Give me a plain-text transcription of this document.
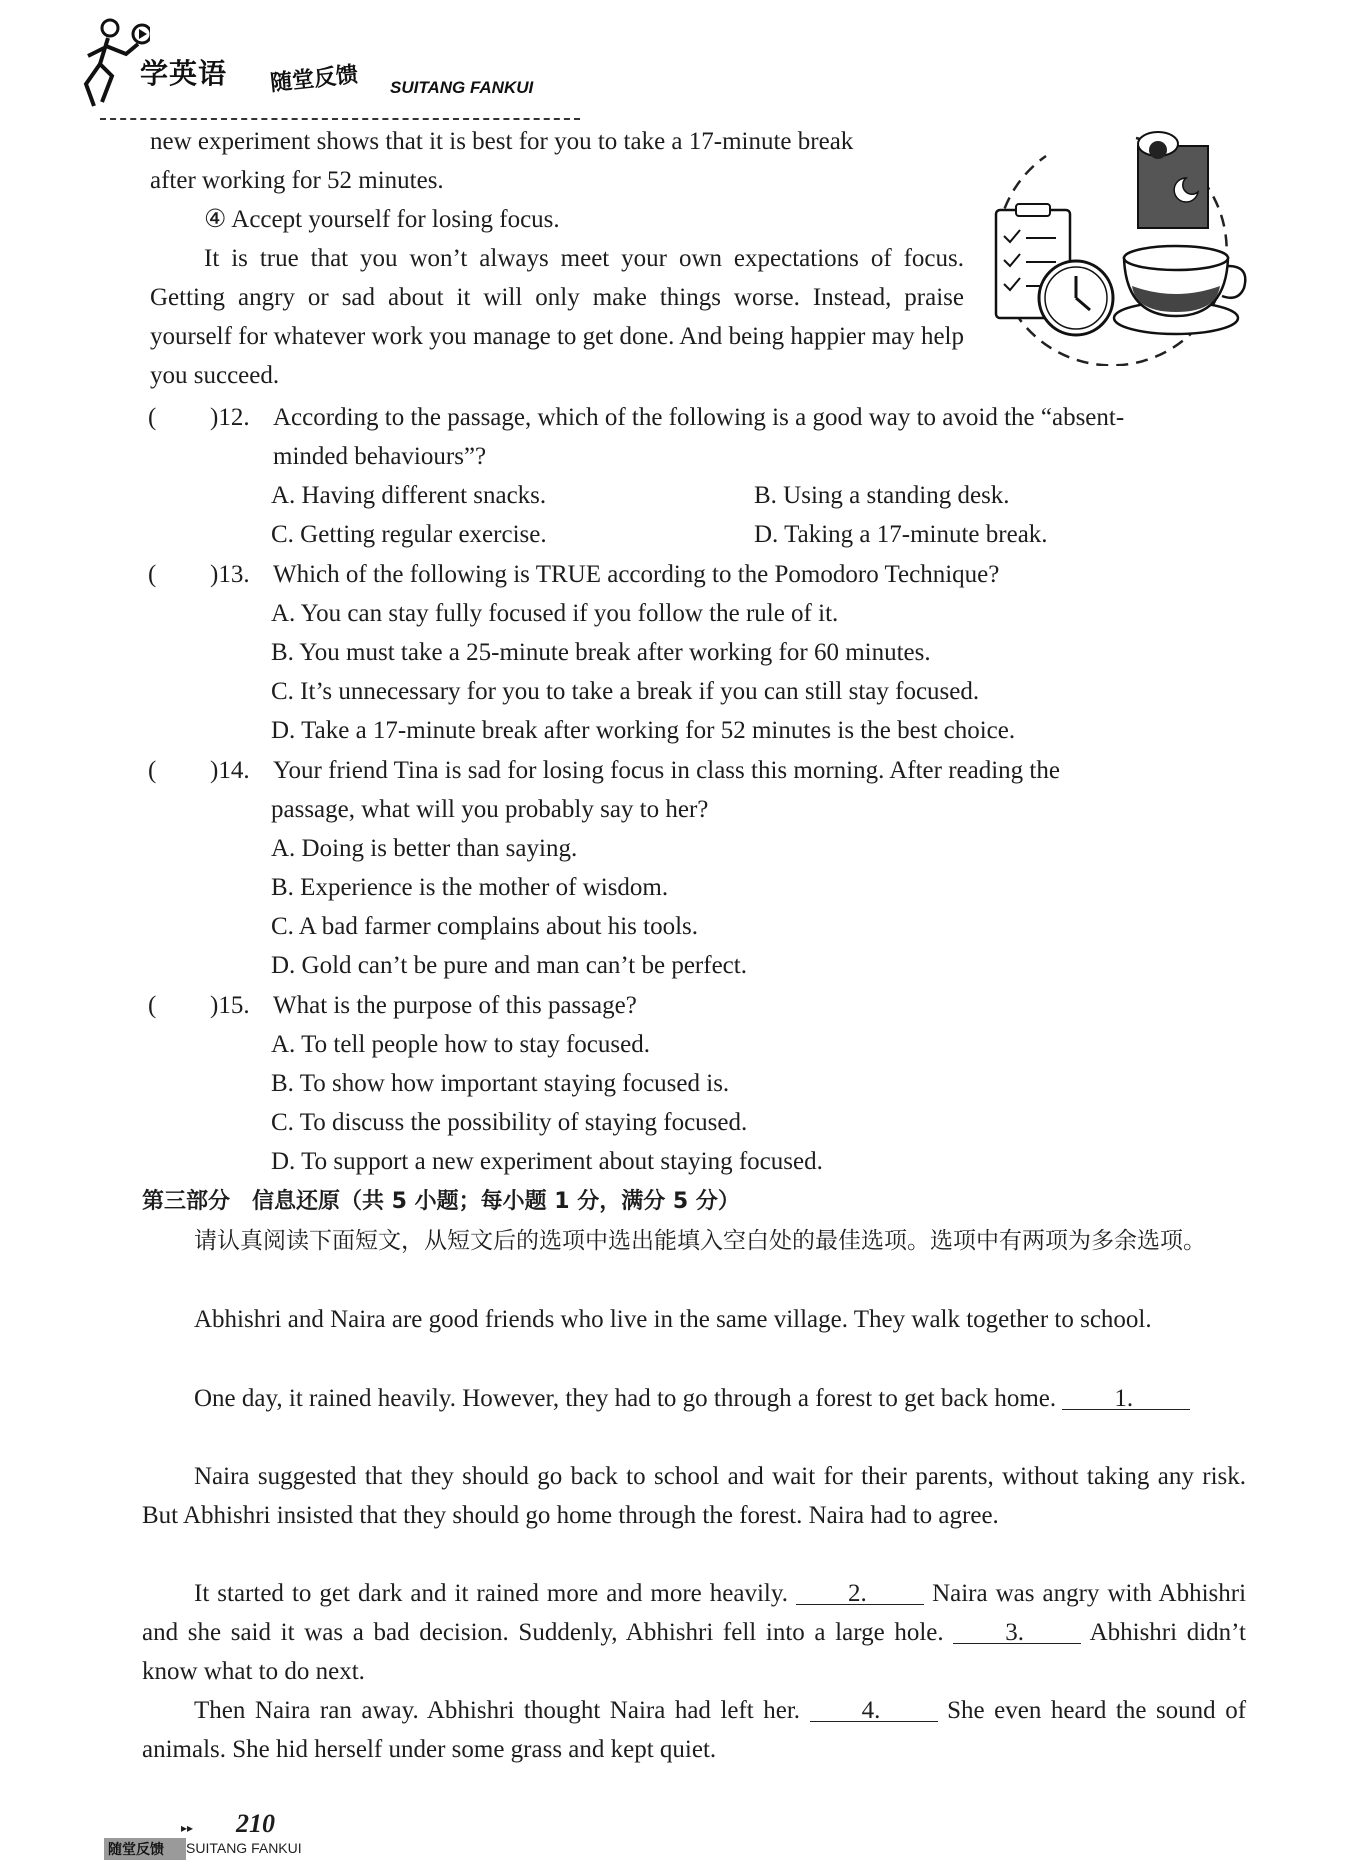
学英语 随堂反馈 SUITANG FANKUI
new experiment shows that it is best for you to take a 17-minute break
after working for 52 minutes.
④ Accept yourself for losing focus.
It is true that you won’t always meet your own expectations of focus. Getting angry or sad about it will only make things worse. Instead, praise yourself for whatever work you manage to get done. And being happier may help you succeed.
( )12. According to the passage, which of the following is a good way to avoid the “absent-
minded behaviours”?
A. Having different snacks.	B. Using a standing desk.
C. Getting regular exercise.	D. Taking a 17-minute break.
( )13. Which of the following is TRUE according to the Pomodoro Technique?
A. You can stay fully focused if you follow the rule of it.
B. You must take a 25-minute break after working for 60 minutes.
C. It’s unnecessary for you to take a break if you can still stay focused.
D. Take a 17-minute break after working for 52 minutes is the best choice.
( )14. Your friend Tina is sad for losing focus in class this morning. After reading the
passage, what will you probably say to her?
A. Doing is better than saying.
B. Experience is the mother of wisdom.
C. A bad farmer complains about his tools.
D. Gold can’t be pure and man can’t be perfect.
( )15. What is the purpose of this passage?
A. To tell people how to stay focused.
B. To show how important staying focused is.
C. To discuss the possibility of staying focused.
D. To support a new experiment about staying focused.
第三部分　信息还原（共 5 小题；每小题 1 分，满分 5 分）
请认真阅读下面短文，从短文后的选项中选出能填入空白处的最佳选项。选项中有两项为多余选项。
Abhishri and Naira are good friends who live in the same village. They walk together to school.
One day, it rained heavily. However, they had to go through a forest to get back home. 1.
Naira suggested that they should go back to school and wait for their parents, without taking any risk. But Abhishri insisted that they should go home through the forest. Naira had to agree.
It started to get dark and it rained more and more heavily. 2.	Naira was angry with Abhishri and she said it was a bad decision. Suddenly, Abhishri fell into a large hole. 3.	Abhishri didn’t know what to do next.
Then Naira ran away. Abhishri thought Naira had left her. 4.	She even heard the sound of animals. She hid herself under some grass and kept quiet.
▸▸ 210
随堂反馈 SUITANG FANKUI
